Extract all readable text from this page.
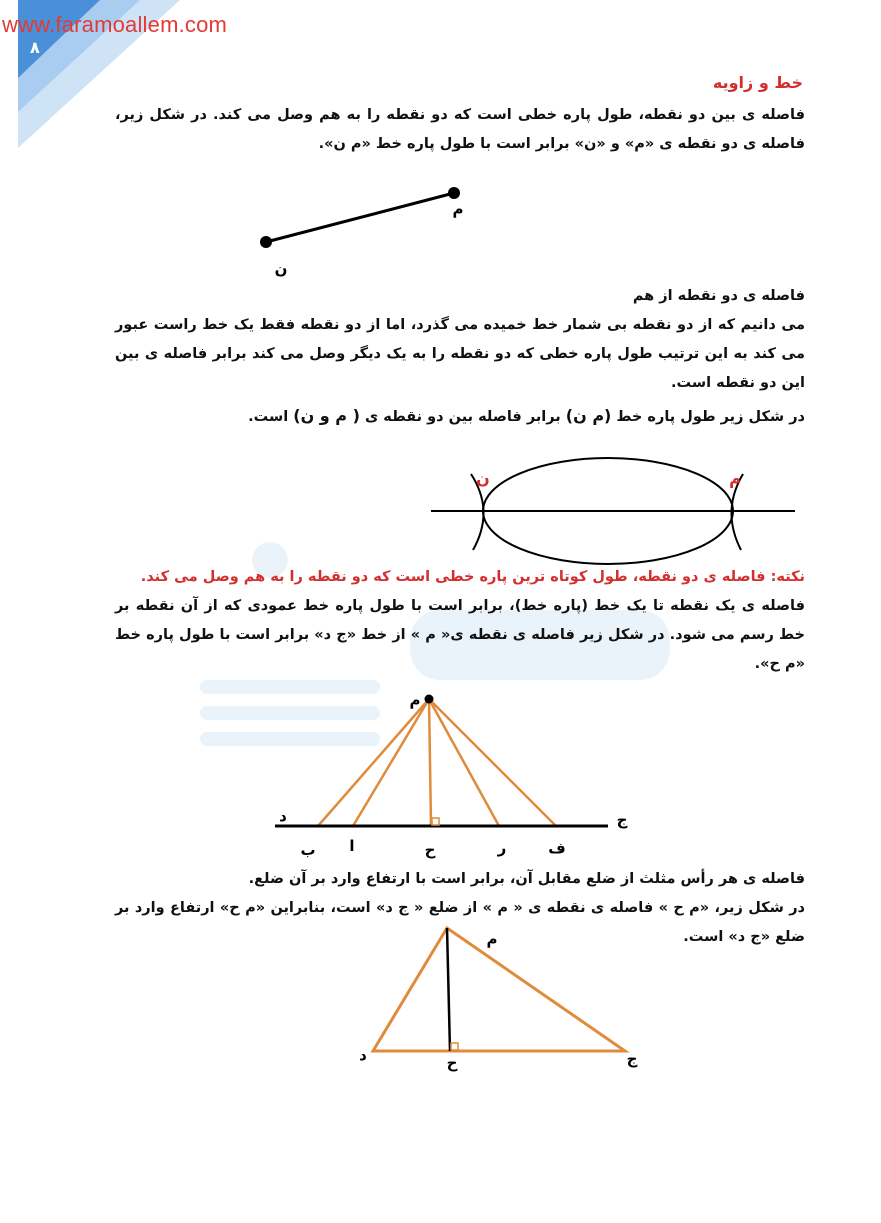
www.faramoallem.com
۸
خط و زاویه
فاصله ی بین دو نقطه، طول پاره خطی است که دو نقطه را به هم وصل می کند. در شکل زیر، فاصله ی دو نقطه ی «م» و «ن» برابر است با طول پاره خط «م ن».
م
ن
فاصله ی دو نقطه از هم
می دانیم که از دو نقطه بی شمار خط خمیده می گذرد، اما از دو نقطه فقط یک خط راست عبور می کند به این ترتیب طول پاره خطی که دو نقطه را به یک دیگر وصل می کند برابر فاصله ی بین این دو نقطه است.
در شکل زیر طول پاره خط (م ن) برابر فاصله بین دو نقطه ی ( م و ن) است.
ن	م
نکته: فاصله ی دو نقطه، طول کوتاه ترین پاره خطی است که دو نقطه را به هم وصل می کند.
فاصله ی یک نقطه تا یک خط (پاره خط)، برابر است با طول پاره خط عمودی که از آن نقطه بر خط رسم می شود. در شکل زیر فاصله ی نقطه ی« م » از خط «ج د» برابر است با طول پاره خط «م ح».
م
د	ج
ب ا	ح	ر	ف
فاصله ی هر رأس مثلث از ضلع مقابل آن، برابر است با ارتفاع وارد بر آن ضلع.
در شکل زیر، «م ح » فاصله ی نقطه ی « م » از ضلع « ج د» است، بنابراین «م ح» ارتفاع وارد بر ضلع «ج د» است.
م
د	ح	ج
